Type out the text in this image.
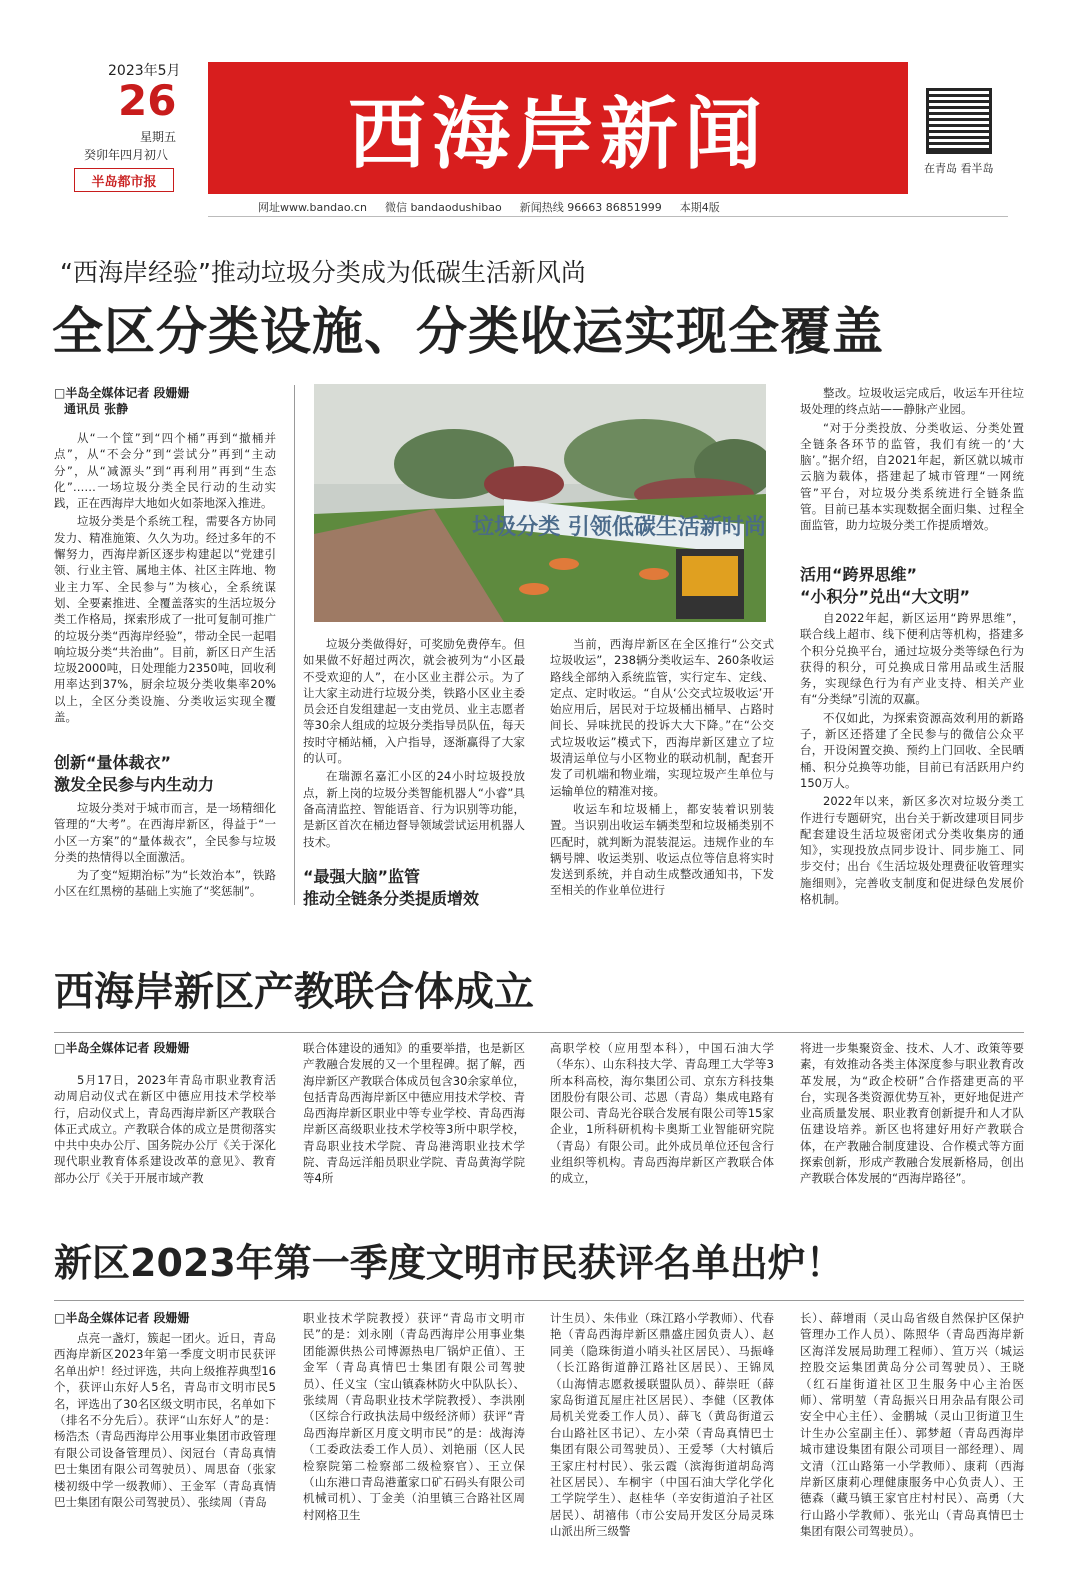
2023年5月
26
星期五
癸卯年四月初八
半岛都市报
西海岸新闻	在青岛 看半岛
网址www.bandao.cn 微信 bandaodushibao 新闻热线 96663 86851999 本期4版
“西海岸经验”推动垃圾分类成为低碳生活新风尚
全区分类设施、分类收运实现全覆盖
□半岛全媒体记者 段姗姗
通讯员 张静

从“一个筐”到“四个桶”再到“撤桶并点”，从“不会分”到“尝试分”再到“主动分”，从“减源头”到“再利用”再到“生态化”……一场垃圾分类全民行动的生动实践，正在西海岸大地如火如荼地深入推进。

垃圾分类是个系统工程，需要各方协同发力、精准施策、久久为功。经过多年的不懈努力，西海岸新区逐步构建起以“党建引领、行业主管、属地主体、社区主阵地、物业主力军、全民参与”为核心，全系统谋划、全要素推进、全覆盖落实的生活垃圾分类工作格局，探索形成了一批可复制可推广的垃圾分类“西海岸经验”，带动全民一起唱响垃圾分类“共治曲”。目前，新区日产生活垃圾2000吨，日处理能力2350吨，回收利用率达到37%，厨余垃圾分类收集率20%以上，全区分类设施、分类收运实现全覆盖。

创新“量体裁衣”
激发全民参与内生动力

垃圾分类对于城市而言，是一场精细化管理的“大考”。在西海岸新区，得益于“一小区一方案”的“量体裁衣”，全民参与垃圾分类的热情得以全面激活。

为了变“短期治标”为“长效治本”，铁路小区在红黑榜的基础上实施了“奖惩制”。

垃圾分类 引领低碳生活新时尚

垃圾分类做得好，可奖励免费停车。但如果做不好超过两次，就会被列为“小区最不受欢迎的人”，在小区业主群公示。为了让大家主动进行垃圾分类，铁路小区业主委员会还自发组建起一支由党员、业主志愿者等30余人组成的垃圾分类指导员队伍，每天按时守桶站桶，入户指导，逐渐赢得了大家的认可。

在瑞源名嘉汇小区的24小时垃圾投放点，新上岗的垃圾分类智能机器人“小睿”具备高清监控、智能语音、行为识别等功能，是新区首次在桶边督导领域尝试运用机器人技术。

“最强大脑”监管
推动全链条分类提质增效

当前，西海岸新区在全区推行“公交式垃圾收运”，238辆分类收运车、260条收运路线全部纳入系统监管，实行定车、定线、定点、定时收运。“自从‘公交式垃圾收运’开始应用后，居民对于垃圾桶出桶早、占路时间长、异味扰民的投诉大大下降。”在“公交式垃圾收运”模式下，西海岸新区建立了垃圾清运单位与小区物业的联动机制，配套开发了司机端和物业端，实现垃圾产生单位与运输单位的精准对接。

收运车和垃圾桶上，都安装着识别装置。当识别出收运车辆类型和垃圾桶类别不匹配时，就判断为混装混运。违规作业的车辆号牌、收运类别、收运点位等信息将实时发送到系统，并自动生成整改通知书，下发至相关的作业单位进行

整改。垃圾收运完成后，收运车开往垃圾处理的终点站——静脉产业园。

“对于分类投放、分类收运、分类处置全链条各环节的监管，我们有统一的‘大脑’。”据介绍，自2021年起，新区就以城市云脑为载体，搭建起了城市管理“一网统管”平台，对垃圾分类系统进行全链条监管。目前已基本实现数据全面归集、过程全面监管，助力垃圾分类工作提质增效。

活用“跨界思维”
“小积分”兑出“大文明”

自2022年起，新区运用“跨界思维”，联合线上超市、线下便利店等机构，搭建多个积分兑换平台，通过垃圾分类等绿色行为获得的积分，可兑换成日常用品或生活服务，实现绿色行为有产业支持、相关产业有“分类绿”引流的双赢。

不仅如此，为探索资源高效利用的新路子，新区还搭建了全民参与的微信公众平台，开设闲置交换、预约上门回收、全民晒桶、积分兑换等功能，目前已有活跃用户约150万人。

2022年以来，新区多次对垃圾分类工作进行专题研究，出台关于新改建项目同步配套建设生活垃圾密闭式分类收集房的通知》，实现投放点同步设计、同步施工、同步交付；出台《生活垃圾处理费征收管理实施细则》，完善收支制度和促进绿色发展价格机制。

西海岸新区产教联合体成立
□半岛全媒体记者 段姗姗
5月17日，2023年青岛市职业教育活动周启动仪式在新区中德应用技术学校举行，启动仪式上，青岛西海岸新区产教联合体正式成立。产教联合体的成立是贯彻落实中共中央办公厅、国务院办公厅《关于深化现代职业教育体系建设改革的意见》、教育部办公厅《关于开展市域产教
联合体建设的通知》的重要举措，也是新区产教融合发展的又一个里程碑。据了解，西海岸新区产教联合体成员包含30余家单位，包括青岛西海岸新区中德应用技术学校、青岛西海岸新区职业中等专业学校、青岛西海岸新区高级职业技术学校等3所中职学校，青岛职业技术学院、青岛港湾职业技术学院、青岛远洋船员职业学院、青岛黄海学院等4所
高职学校（应用型本科），中国石油大学（华东）、山东科技大学、青岛理工大学等3所本科高校，海尔集团公司、京东方科技集团股份有限公司、芯恩（青岛）集成电路有限公司、青岛光谷联合发展有限公司等15家企业，1所科研机构卡奥斯工业智能研究院（青岛）有限公司。此外成员单位还包含行业组织等机构。青岛西海岸新区产教联合体的成立，
将进一步集聚资金、技术、人才、政策等要素，有效推动各类主体深度参与职业教育改革发展，为“政企校研”合作搭建更高的平台，实现各类资源优势互补，更好地促进产业高质量发展、职业教育创新提升和人才队伍建设培养。新区也将建好用好产教联合体，在产教融合制度建设、合作模式等方面探索创新，形成产教融合发展新格局，创出产教联合体发展的“西海岸路径”。
新区2023年第一季度文明市民获评名单出炉！
□半岛全媒体记者 段姗姗
点亮一盏灯，簇起一团火。近日，青岛西海岸新区2023年第一季度文明市民获评名单出炉！经过评选，共向上级推荐典型16个，获评山东好人5名，青岛市文明市民5名，评选出了30名区级文明市民，名单如下（排名不分先后）。获评“山东好人”的是：杨浩杰（青岛西海岸公用事业集团市政管理有限公司设备管理员）、闵冠台（青岛真情巴士集团有限公司驾驶员）、周思奋（张家楼初级中学一级教师）、王金军（青岛真情巴士集团有限公司驾驶员）、张续周（青岛
职业技术学院教授）获评“青岛市文明市民”的是：刘永刚（青岛西海岸公用事业集团能源供热公司博源热电厂锅炉正值）、王金军（青岛真情巴士集团有限公司驾驶员）、任义宝（宝山镇森林防火中队队长）、张续周（青岛职业技术学院教授）、李洪刚（区综合行政执法局中级经济师）获评“青岛西海岸新区月度文明市民”的是：战海涛（工委政法委工作人员）、刘艳丽（区人民检察院第二检察部二级检察官）、王立保（山东港口青岛港董家口矿石码头有限公司机械司机）、丁金美（泊里镇三合路社区周村网格卫生
计生员）、朱伟业（珠江路小学教师）、代春艳（青岛西海岸新区鼎盛庄园负责人）、赵同美（隐珠街道小哨头社区居民）、马振峰（长江路街道静江路社区居民）、王锦凤（山海情志愿救援联盟队员）、薛崇旺（薛家岛街道瓦屋庄社区居民）、李健（区教体局机关党委工作人员）、薛飞（黄岛街道云台山路社区书记）、左小荣（青岛真情巴士集团有限公司驾驶员）、王爱琴（大村镇后王家庄村村民）、张云霞（滨海街道胡岛湾社区居民）、车桐宇（中国石油大学化学化工学院学生）、赵桂华（辛安街道泊子社区居民）、胡禧伟（市公安局开发区分局灵珠山派出所三级警
长）、薛增雨（灵山岛省级自然保护区保护管理办工作人员）、陈照华（青岛西海岸新区海洋发展局助理工程师）、笪万兴（城运控股交运集团黄岛分公司驾驶员）、王晓（红石崖街道社区卫生服务中心主治医师）、常明堃（青岛振兴日用杂品有限公司安全中心主任）、金鹏城（灵山卫街道卫生计生办公室副主任）、郭梦超（青岛西海岸城市建设集团有限公司项目一部经理）、周文清（江山路第一小学教师）、康莉（西海岸新区康莉心理健康服务中心负责人）、王德森（藏马镇王家官庄村村民）、高勇（大行山路小学教师）、张光山（青岛真情巴士集团有限公司驾驶员）。
